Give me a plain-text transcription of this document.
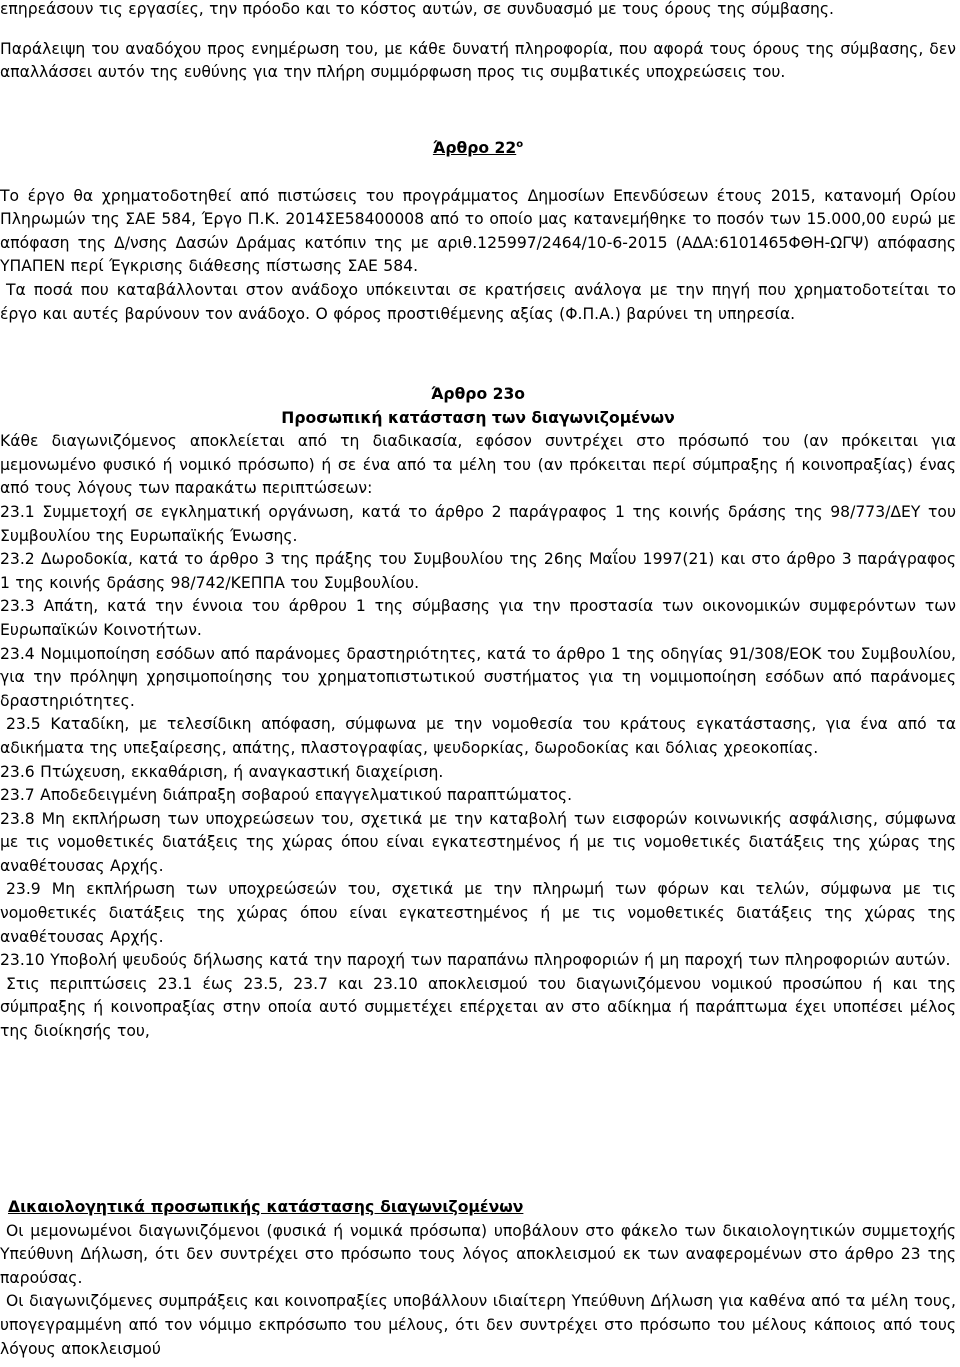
επηρεάσουν τις εργασίες, την πρόοδο και το κόστος αυτών, σε συνδυασμό με τους όρους της σύμβασης.

Παράλειψη του αναδόχου προς ενημέρωση του, με κάθε δυνατή πληροφορία, που αφορά τους όρους της σύμβασης, δεν απαλλάσσει αυτόν της ευθύνης για την πλήρη συμμόρφωση προς τις συμβατικές υποχρεώσεις του.

Άρθρο $22^o$

Το έργο θα χρηματοδοτηθεί από πιστώσεις του προγράμματος Δημοσίων Επενδύσεων έτους 2015, κατανομή Ορίου Πληρωμών της ΣΑΕ 584, Έργο Π.Κ. 2014ΣΕ58400008 από το οποίο μας κατανεμήθηκε το ποσόν των 15.000,00 ευρώ με απόφαση της Δ/νσης Δασών Δράμας κατόπιν της με αριθ.125997/2464/10-6-2015 (ΑΔΑ:6101465ΦΘΗ-ΩΓΨ) απόφασης ΥΠΑΠΕΝ περί Έγκρισης διάθεσης πίστωσης ΣΑΕ 584.

Τα ποσά που καταβάλλονται στον ανάδοχο υπόκεινται σε κρατήσεις ανάλογα με την πηγή που χρηματοδοτείται το έργο και αυτές βαρύνουν τον ανάδοχο. Ο φόρος προστιθέμενης αξίας (Φ.Π.Α.) βαρύνει τη υπηρεσία.

Άρθρο 23ο

Προσωπική κατάσταση των διαγωνιζομένων

Κάθε διαγωνιζόμενος αποκλείεται από τη διαδικασία, εφόσον συντρέχει στο πρόσωπό του (αν πρόκειται για μεμονωμένο φυσικό ή νομικό πρόσωπο) ή σε ένα από τα μέλη του (αν πρόκειται περί σύμπραξης ή κοινοπραξίας) ένας από τους λόγους των παρακάτω περιπτώσεων:

23.1 Συμμετοχή σε εγκληματική οργάνωση, κατά το άρθρο 2 παράγραφος 1 της κοινής δράσης της 98/773/ΔΕΥ του Συμβουλίου της Ευρωπαϊκής Ένωσης.

23.2 Δωροδοκία, κατά το άρθρο 3 της πράξης του Συμβουλίου της 26ης Μαΐου 1997(21) και στο άρθρο 3 παράγραφος 1 της κοινής δράσης 98/742/ΚΕΠΠΑ του Συμβουλίου.

23.3 Απάτη, κατά την έννοια του άρθρου 1 της σύμβασης για την προστασία των οικονομικών συμφερόντων των Ευρωπαϊκών Κοινοτήτων.

23.4 Νομιμοποίηση εσόδων από παράνομες δραστηριότητες, κατά το άρθρο 1 της οδηγίας 91/308/ΕΟΚ του Συμβουλίου, για την πρόληψη χρησιμοποίησης του χρηματοπιστωτικού συστήματος για τη νομιμοποίηση εσόδων από παράνομες δραστηριότητες.

23.5 Καταδίκη, με τελεσίδικη απόφαση, σύμφωνα με την νομοθεσία του κράτους εγκατάστασης, για ένα από τα αδικήματα της υπεξαίρεσης, απάτης, πλαστογραφίας, ψευδορκίας, δωροδοκίας και δόλιας χρεοκοπίας.

23.6 Πτώχευση, εκκαθάριση, ή αναγκαστική διαχείριση.

23.7 Αποδεδειγμένη διάπραξη σοβαρού επαγγελματικού παραπτώματος.

23.8 Μη εκπλήρωση των υποχρεώσεων του, σχετικά με την καταβολή των εισφορών κοινωνικής ασφάλισης, σύμφωνα με τις νομοθετικές διατάξεις της χώρας όπου είναι εγκατεστημένος ή με τις νομοθετικές διατάξεις της χώρας της αναθέτουσας Αρχής.

23.9 Μη εκπλήρωση των υποχρεώσεών του, σχετικά με την πληρωμή των φόρων και τελών, σύμφωνα με τις νομοθετικές διατάξεις της χώρας όπου είναι εγκατεστημένος ή με τις νομοθετικές διατάξεις της χώρας της αναθέτουσας Αρχής.

23.10 Υποβολή ψευδούς δήλωσης κατά την παροχή των παραπάνω πληροφοριών ή μη παροχή των πληροφοριών αυτών.

Στις περιπτώσεις 23.1 έως 23.5, 23.7 και 23.10 αποκλεισμού του διαγωνιζόμενου νομικού προσώπου ή και της σύμπραξης ή κοινοπραξίας στην οποία αυτό συμμετέχει επέρχεται αν στο αδίκημα ή παράπτωμα έχει υποπέσει μέλος της διοίκησής του,

Δικαιολογητικά προσωπικής κατάστασης διαγωνιζομένων

Οι μεμονωμένοι διαγωνιζόμενοι (φυσικά ή νομικά πρόσωπα) υποβάλουν στο φάκελο των δικαιολογητικών συμμετοχής Υπεύθυνη Δήλωση, ότι δεν συντρέχει στο πρόσωπο τους λόγος αποκλεισμού εκ των αναφερομένων στο άρθρο 23 της παρούσας.

Οι διαγωνιζόμενες συμπράξεις και κοινοπραξίες υποβάλλουν ιδιαίτερη Υπεύθυνη Δήλωση για καθένα από τα μέλη τους, υπογεγραμμένη από τον νόμιμο εκπρόσωπο του μέλους, ότι δεν συντρέχει στο πρόσωπο του μέλους κάποιος από τους λόγους αποκλεισμού
